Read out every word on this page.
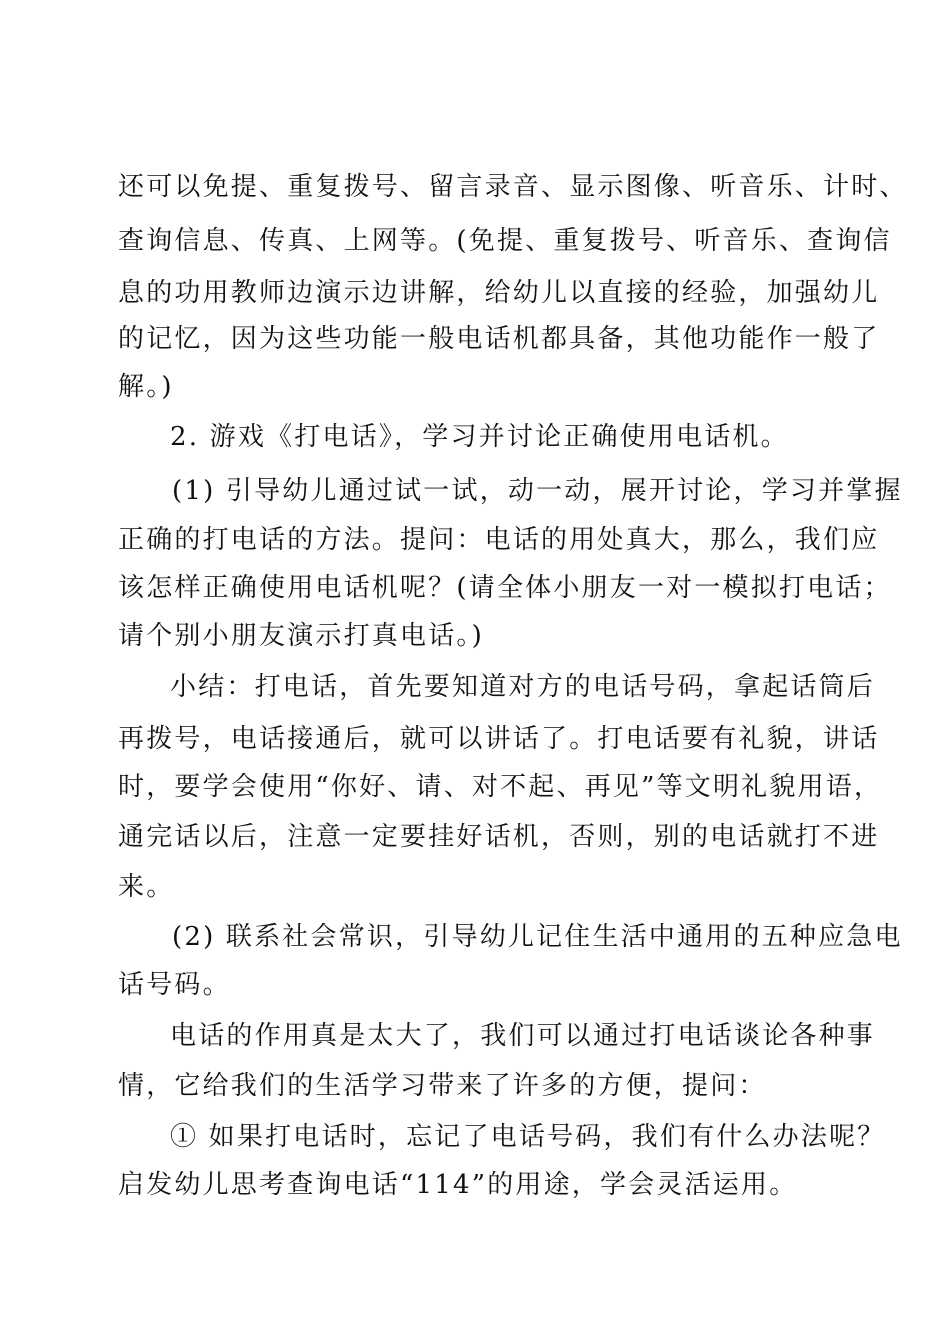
还可以免提、重复拨号、留言录音、显示图像、听音乐、计时、
查询信息、传真、上网等。(免提、重复拨号、听音乐、查询信
息的功用教师边演示边讲解，给幼儿以直接的经验，加强幼儿
的记忆，因为这些功能一般电话机都具备，其他功能作一般了
解。)
2. 游戏《打电话》，学习并讨论正确使用电话机。
(1) 引导幼儿通过试一试，动一动，展开讨论，学习并掌握
正确的打电话的方法。提问：电话的用处真大，那么，我们应
该怎样正确使用电话机呢？(请全体小朋友一对一模拟打电话；
请个别小朋友演示打真电话。)
小结：打电话，首先要知道对方的电话号码，拿起话筒后
再拨号，电话接通后，就可以讲话了。打电话要有礼貌，讲话
时，要学会使用“你好、请、对不起、再见”等文明礼貌用语，
通完话以后，注意一定要挂好话机，否则，别的电话就打不进
来。
(2) 联系社会常识，引导幼儿记住生活中通用的五种应急电
话号码。
电话的作用真是太大了，我们可以通过打电话谈论各种事
情，它给我们的生活学习带来了许多的方便，提问：
① 如果打电话时，忘记了电话号码，我们有什么办法呢？
启发幼儿思考查询电话“114”的用途，学会灵活运用。
